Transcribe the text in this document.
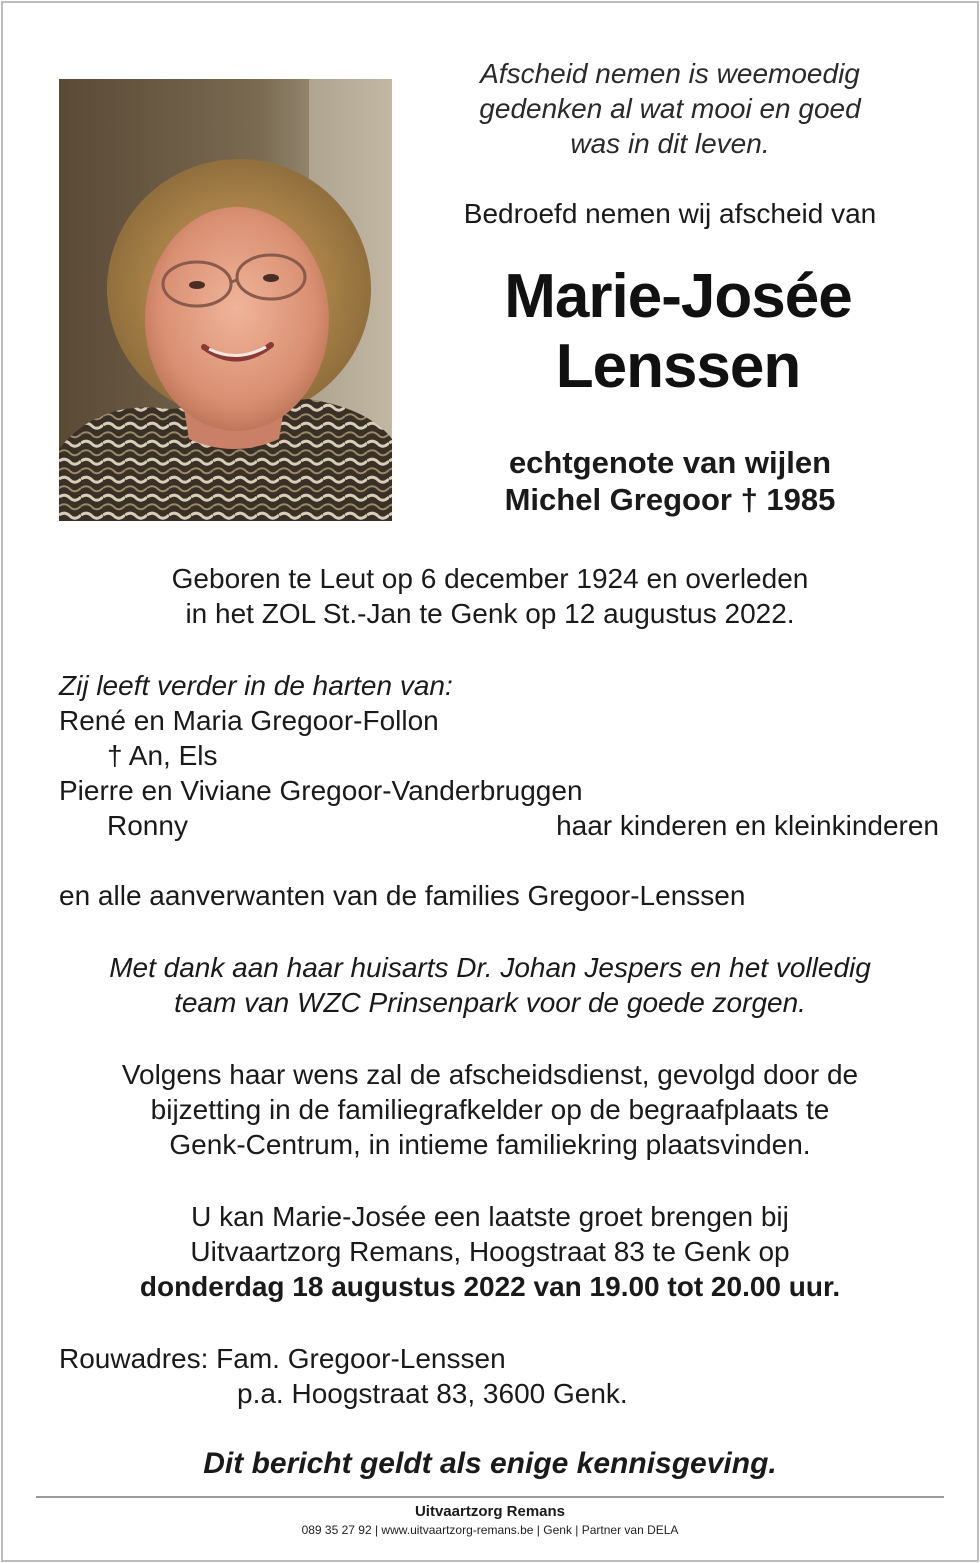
Afscheid nemen is weemoedig
gedenken al wat mooi en goed
was in dit leven.
Bedroefd nemen wij afscheid van
Marie-Josée
Lenssen
echtgenote van wijlen
Michel Gregoor † 1985
Geboren te Leut op 6 december 1924 en overleden
in het ZOL St.-Jan te Genk op 12 augustus 2022.
Zij leeft verder in de harten van:
René en Maria Gregoor-Follon
† An, Els
Pierre en Viviane Gregoor-Vanderbruggen
Ronny	haar kinderen en kleinkinderen
en alle aanverwanten van de families Gregoor-Lenssen
Met dank aan haar huisarts Dr. Johan Jespers en het volledig
team van WZC Prinsenpark voor de goede zorgen.
Volgens haar wens zal de afscheidsdienst, gevolgd door de
bijzetting in de familiegrafkelder op de begraafplaats te
Genk-Centrum, in intieme familiekring plaatsvinden.
U kan Marie-Josée een laatste groet brengen bij
Uitvaartzorg Remans, Hoogstraat 83 te Genk op
donderdag 18 augustus 2022 van 19.00 tot 20.00 uur.
Rouwadres: Fam. Gregoor-Lenssen
p.a. Hoogstraat 83, 3600 Genk.
Dit bericht geldt als enige kennisgeving.
Uitvaartzorg Remans
089 35 27 92 | www.uitvaartzorg-remans.be | Genk | Partner van DELA
